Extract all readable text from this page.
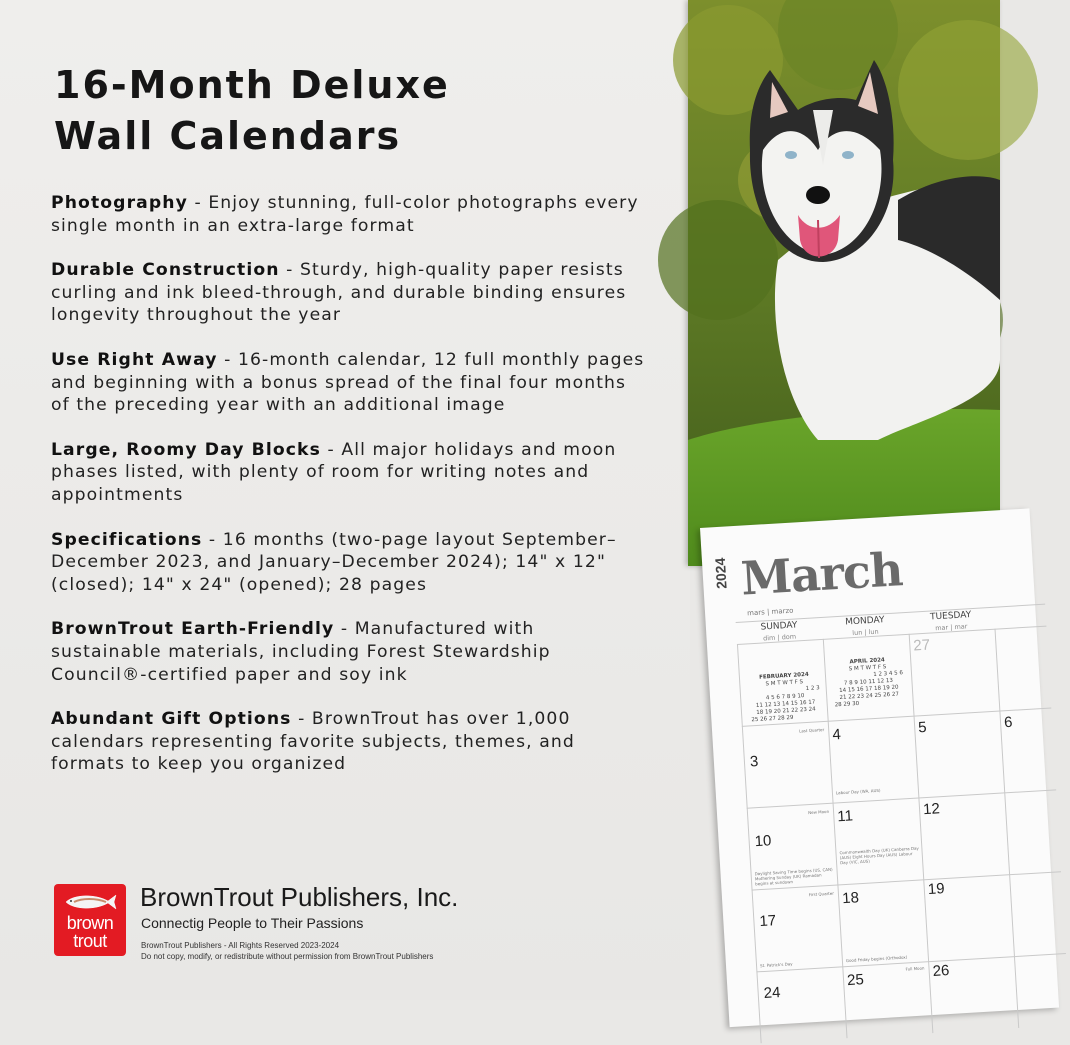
16-Month Deluxe
Wall Calendars

Photography - Enjoy stunning, full-color photographs every single month in an extra-large format

Durable Construction - Sturdy, high-quality paper resists curling and ink bleed-through, and durable binding ensures longevity throughout the year

Use Right Away - 16-month calendar, 12 full monthly pages and beginning with a bonus spread of the final four months of the preceding year with an additional image

Large, Roomy Day Blocks - All major holidays and moon phases listed, with plenty of room for writing notes and appointments

Specifications - 16 months (two-page layout September–December 2023, and January–December 2024); 14" x 12" (closed); 14" x 24" (opened); 28 pages

BrownTrout Earth-Friendly - Manufactured with sustainable materials, including Forest Stewardship Council®-certified paper and soy ink

Abundant Gift Options - BrownTrout has over 1,000 calendars representing favorite subjects, themes, and formats to keep you organized

brown
trout
BrownTrout Publishers, Inc.
Connectig People to Their Passions
BrownTrout Publishers - All Rights Reserved 2023-2024
Do not copy, modify, or redistribute without permission from BrownTrout Publishers
2024 March
mars | marzo
SUNDAY
dim | dom
MONDAY
lun | lun
TUESDAY
mar | mar
FEBRUARY 2024
S M T W T F S
1 2 3
4 5 6 7 8 9 10
11 12 13 14 15 16 17
18 19 20 21 22 23 24
25 26 27 28 29
APRIL 2024
S M T W T F S
1 2 3 4 5 6
7 8 9 10 11 12 13
14 15 16 17 18 19 20
21 22 23 24 25 26 27
28 29 30
27
3
Last Quarter 4
Labour Day (WA, AUS)
5	6
10
New Moon
Daylight Saving Time begins (US, CAN) Mothering Sunday (UK) Ramadan begins at sundown
11
Commonwealth Day (UK) Canberra Day (AUS) Eight Hours Day (AUS) Labour Day (VIC, AUS)
12
17
First Quarter
St. Patrick's Day
18
19
24
25
Good Friday begins (Orthodox)
Full Moon 26
